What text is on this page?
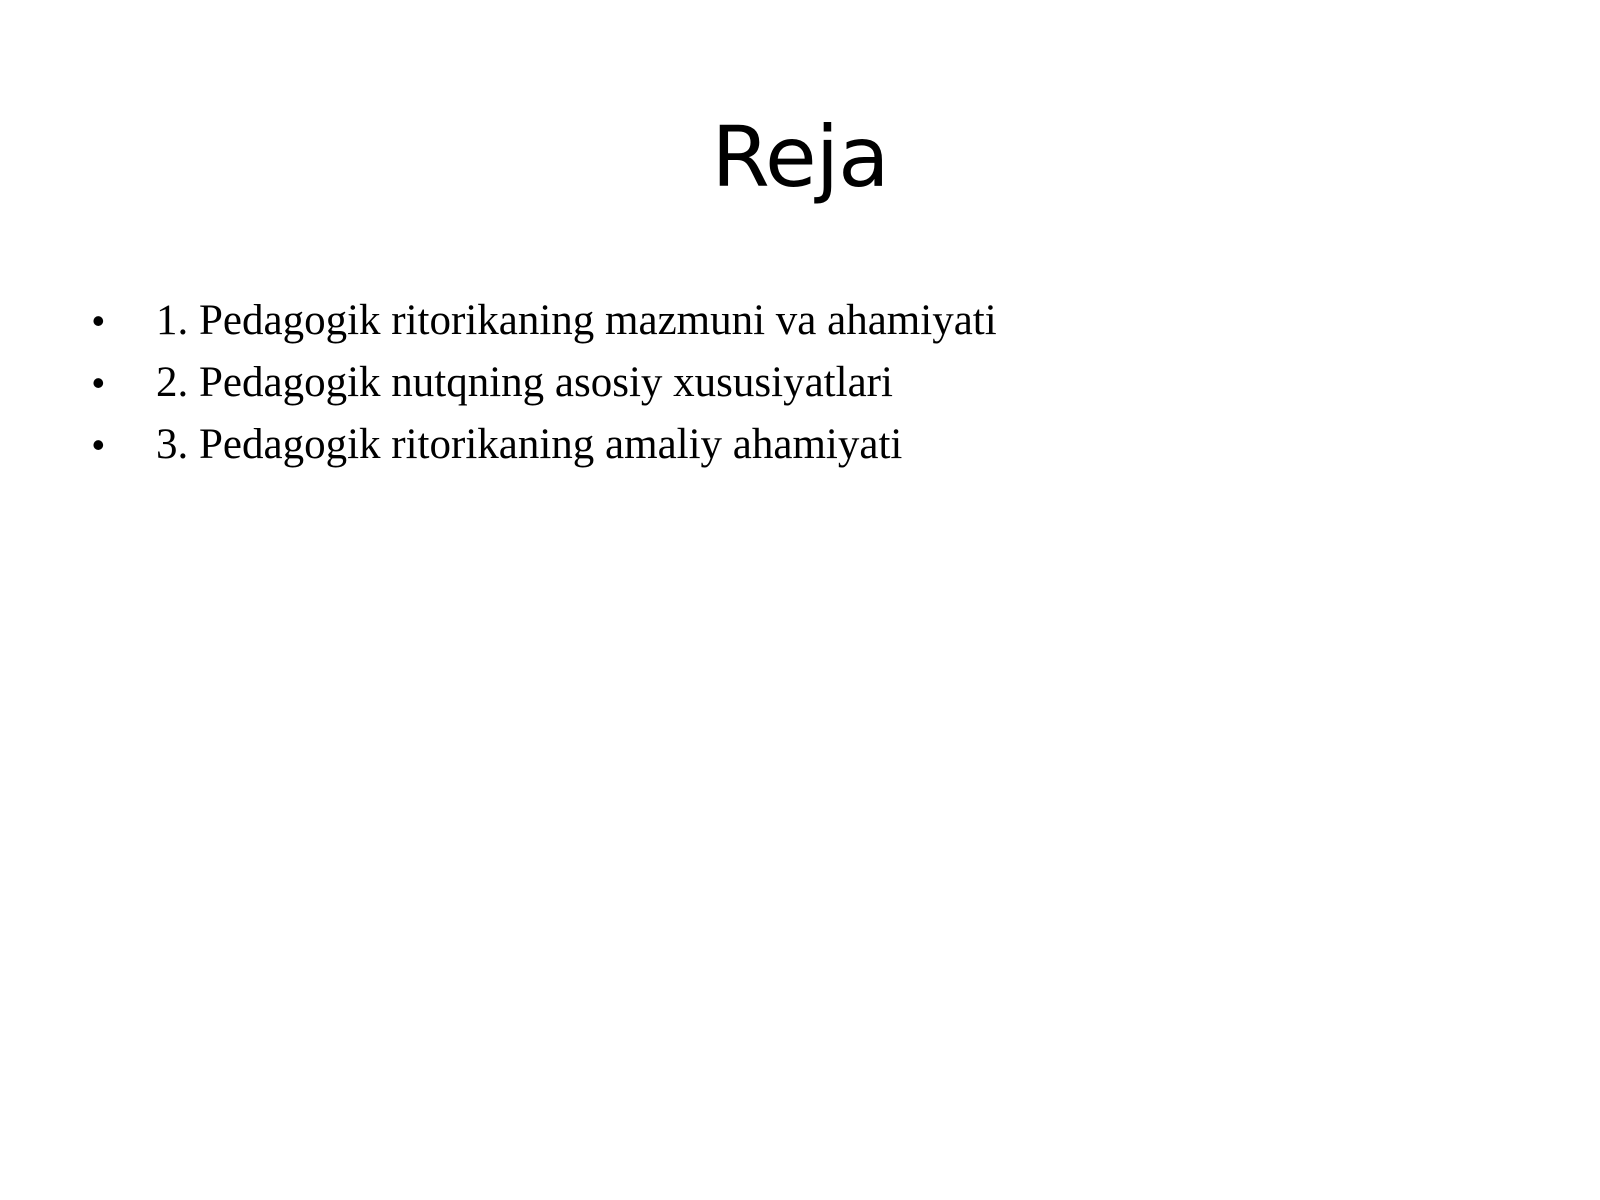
Reja
•	1. Pedagogik ritorikaning mazmuni va ahamiyati
•	2. Pedagogik nutqning asosiy xususiyatlari
•	3. Pedagogik ritorikaning amaliy ahamiyati
